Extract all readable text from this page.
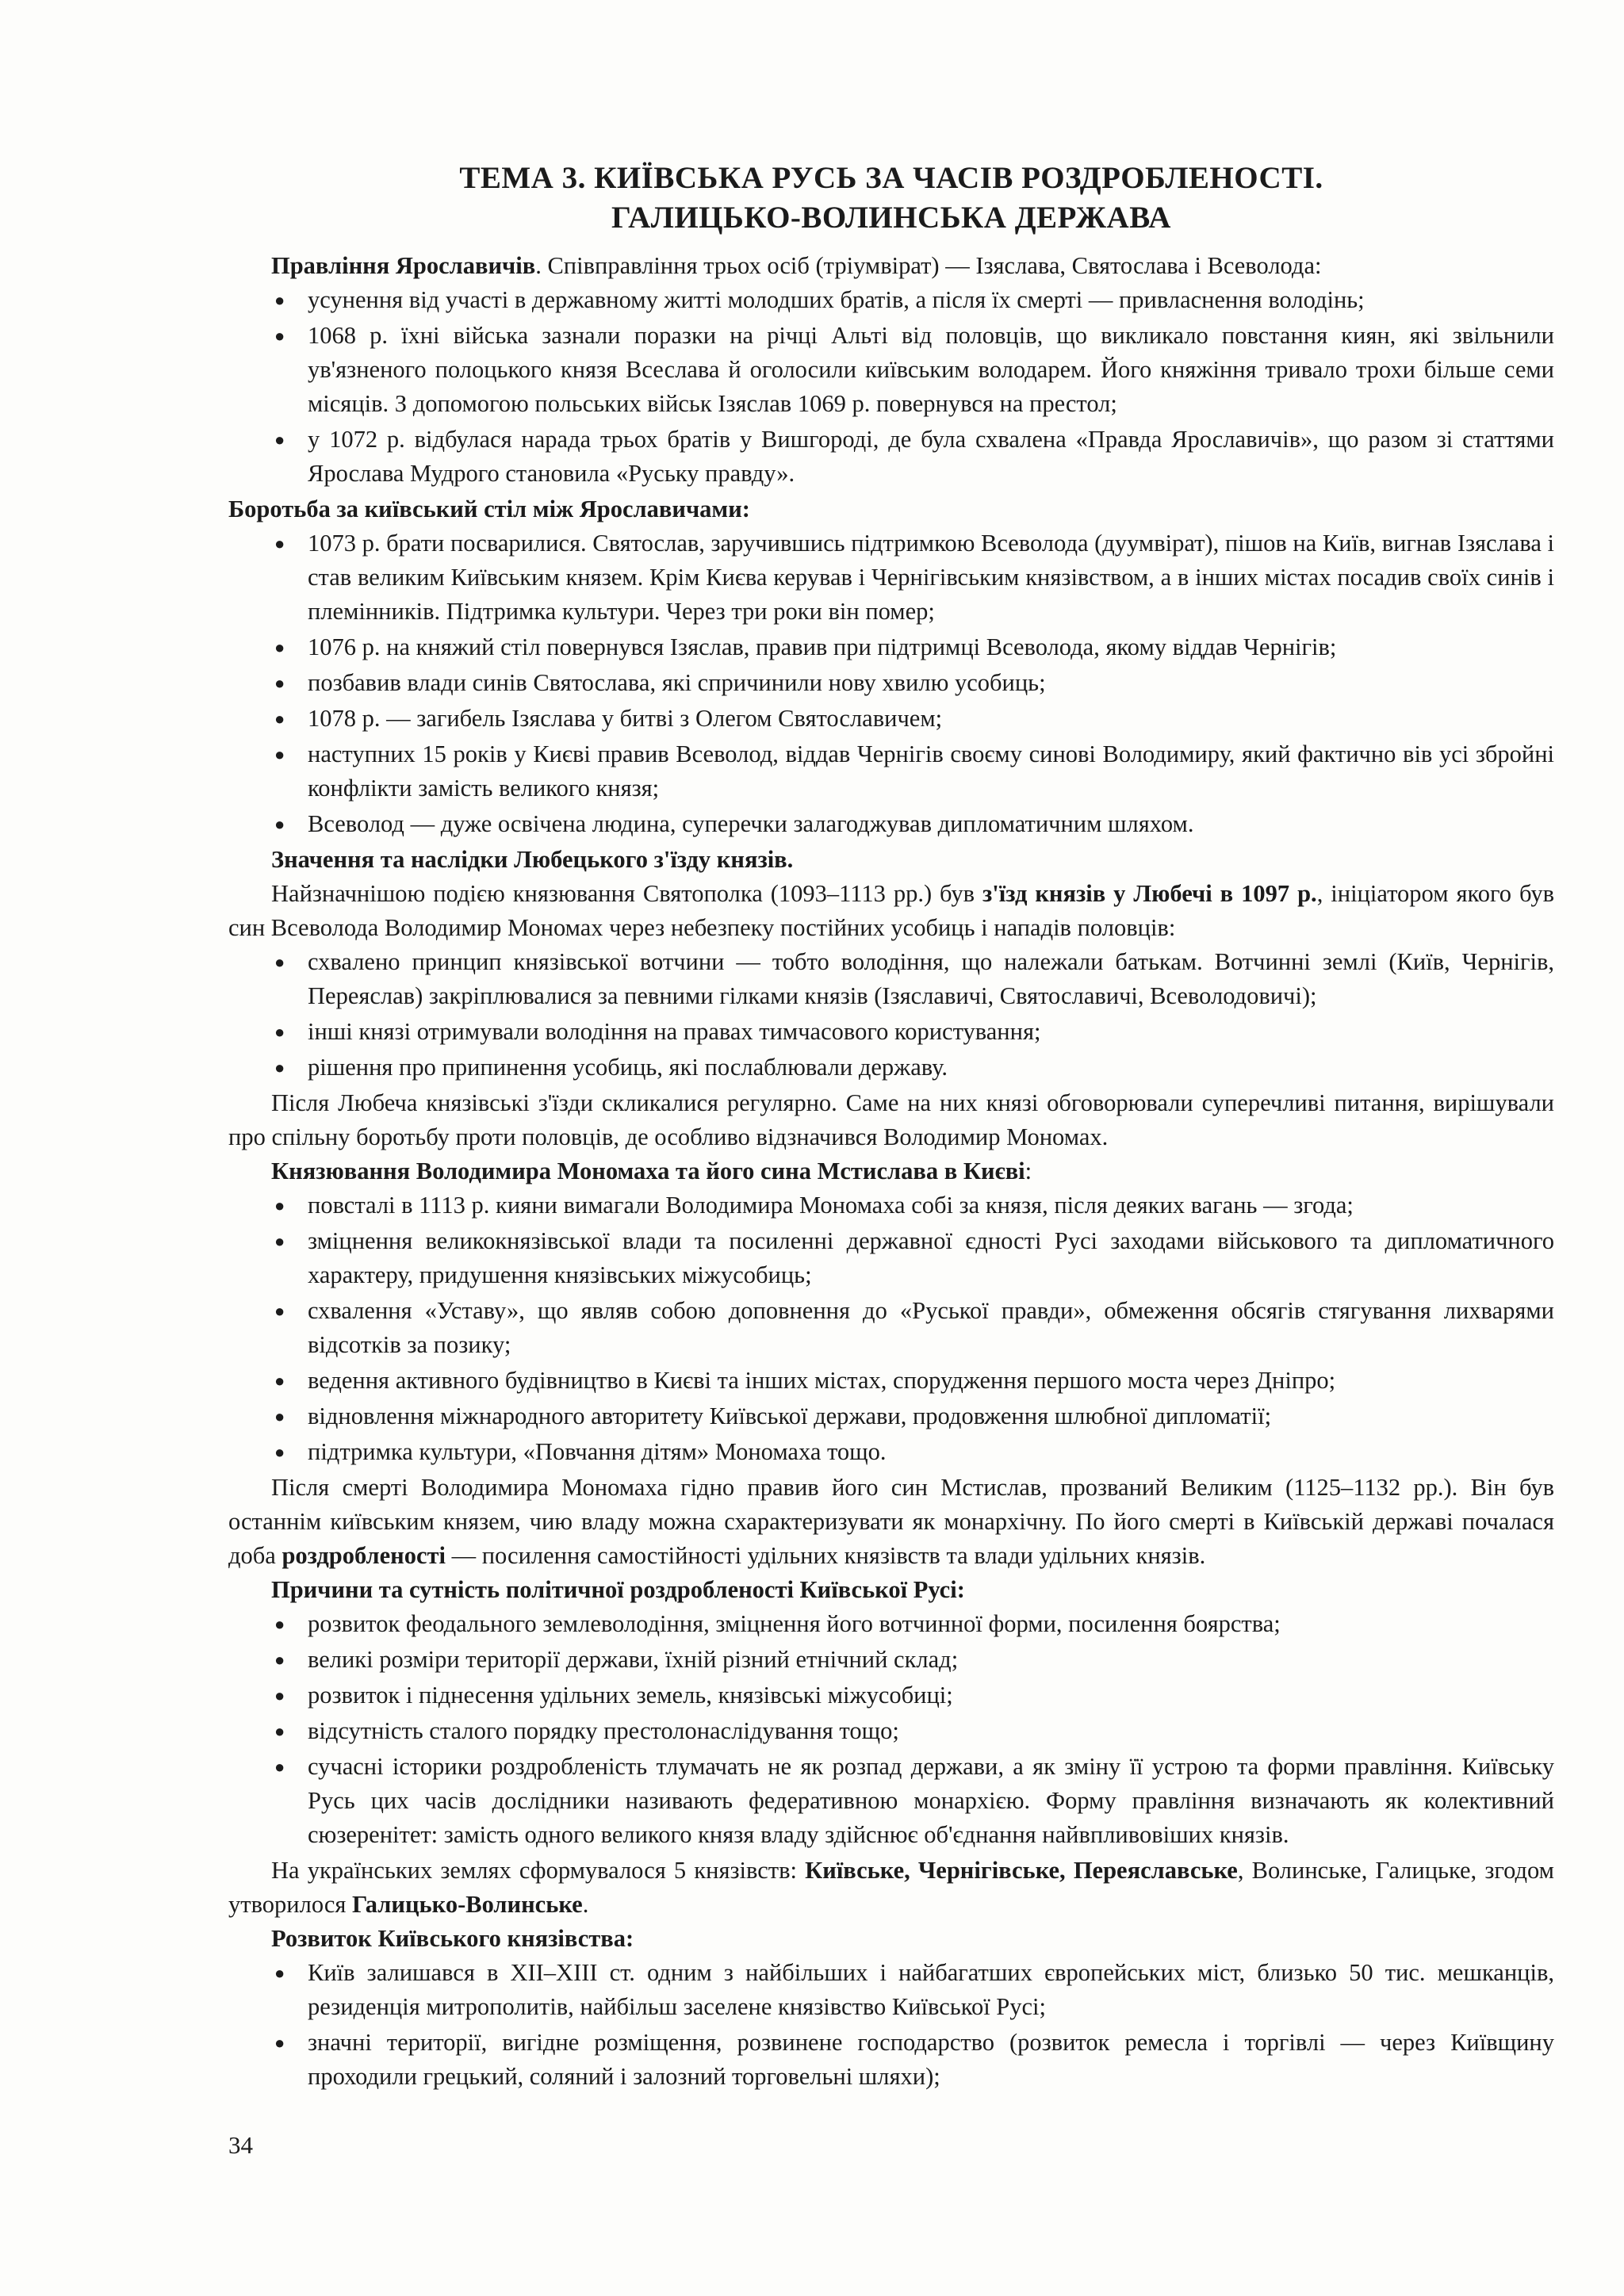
ТЕМА 3. КИЇВСЬКА РУСЬ ЗА ЧАСІВ РОЗДРОБЛЕНОСТІ.
ГАЛИЦЬКО-ВОЛИНСЬКА ДЕРЖАВА
Правління Ярославичів. Співправління трьох осіб (тріумвірат) — Ізяслава, Святослава і Всеволода:
● усунення від участі в державному житті молодших братів, а після їх смерті — привласнення володінь;
● 1068 р. їхні війська зазнали поразки на річці Альті від половців, що викликало повстання киян, які звільнили ув'язненого полоцького князя Всеслава й оголосили київським володарем. Його княжіння тривало трохи більше семи місяців. З допомогою польських військ Ізяслав 1069 р. повернувся на престол;
● у 1072 р. відбулася нарада трьох братів у Вишгороді, де була схвалена «Правда Ярославичів», що разом зі статтями Ярослава Мудрого становила «Руську правду».
Боротьба за київський стіл між Ярославичами:
● 1073 р. брати посварилися. Святослав, заручившись підтримкою Всеволода (дуумвірат), пішов на Київ, вигнав Ізяслава і став великим Київським князем. Крім Києва керував і Чернігівським князівством, а в інших містах посадив своїх синів і племінників. Підтримка культури. Через три роки він помер;
● 1076 р. на княжий стіл повернувся Ізяслав, правив при підтримці Всеволода, якому віддав Чернігів;
● позбавив влади синів Святослава, які спричинили нову хвилю усобиць;
● 1078 р. — загибель Ізяслава у битві з Олегом Святославичем;
● наступних 15 років у Києві правив Всеволод, віддав Чернігів своєму синові Володимиру, який фактично вів усі збройні конфлікти замість великого князя;
● Всеволод — дуже освічена людина, суперечки залагоджував дипломатичним шляхом.
Значення та наслідки Любецького з'їзду князів.

Найзначнішою подією князювання Святополка (1093–1113 рр.) був з'їзд князів у Любечі в 1097 р., ініціатором якого був син Всеволода Володимир Мономах через небезпеку постійних усобиць і нападів половців:

● схвалено принцип князівської вотчини — тобто володіння, що належали батькам. Вотчинні землі (Київ, Чернігів, Переяслав) закріплювалися за певними гілками князів (Ізяславичі, Святославичі, Всеволодовичі);
● інші князі отримували володіння на правах тимчасового користування;
● рішення про припинення усобиць, які послаблювали державу.

Після Любеча князівські з'їзди скликалися регулярно. Саме на них князі обговорювали суперечливі питання, вирішували про спільну боротьбу проти половців, де особливо відзначився Володимир Мономах.

Князювання Володимира Мономаха та його сина Мстислава в Києві:
● повсталі в 1113 р. кияни вимагали Володимира Мономаха собі за князя, після деяких вагань — згода;
● зміцнення великокнязівської влади та посиленні державної єдності Русі заходами військового та дипломатичного характеру, придушення князівських міжусобиць;
● схвалення «Уставу», що являв собою доповнення до «Руської правди», обмеження обсягів стягування лихварями відсотків за позику;
● ведення активного будівництво в Києві та інших містах, спорудження першого моста через Дніпро;
● відновлення міжнародного авторитету Київської держави, продовження шлюбної дипломатії;
● підтримка культури, «Повчання дітям» Мономаха тощо.

Після смерті Володимира Мономаха гідно правив його син Мстислав, прозваний Великим (1125–1132 рр.). Він був останнім київським князем, чию владу можна схарактеризувати як монархічну. По його смерті в Київській державі почалася доба роздробленості — посилення самостійності удільних князівств та влади удільних князів.

Причини та сутність політичної роздробленості Київської Русі:
● розвиток феодального землеволодіння, зміцнення його вотчинної форми, посилення боярства;
● великі розміри території держави, їхній різний етнічний склад;
● розвиток і піднесення удільних земель, князівські міжусобиці;
● відсутність сталого порядку престолонаслідування тощо;
● сучасні історики роздробленість тлумачать не як розпад держави, а як зміну її устрою та форми правління. Київську Русь цих часів дослідники називають федеративною монархією. Форму правління визначають як колективний сюзеренітет: замість одного великого князя владу здійснює об'єднання найвпливовіших князів.

На українських землях сформувалося 5 князівств: Київське, Чернігівське, Переяславське, Волинське, Галицьке, згодом утворилося Галицько-Волинське.

Розвиток Київського князівства:
● Київ залишався в XII–XIII ст. одним з найбільших і найбагатших європейських міст, близько 50 тис. мешканців, резиденція митрополитів, найбільш заселене князівство Київської Русі;
● значні території, вигідне розміщення, розвинене господарство (розвиток ремесла і торгівлі — через Київщину проходили грецький, соляний і залозний торговельні шляхи);
34
